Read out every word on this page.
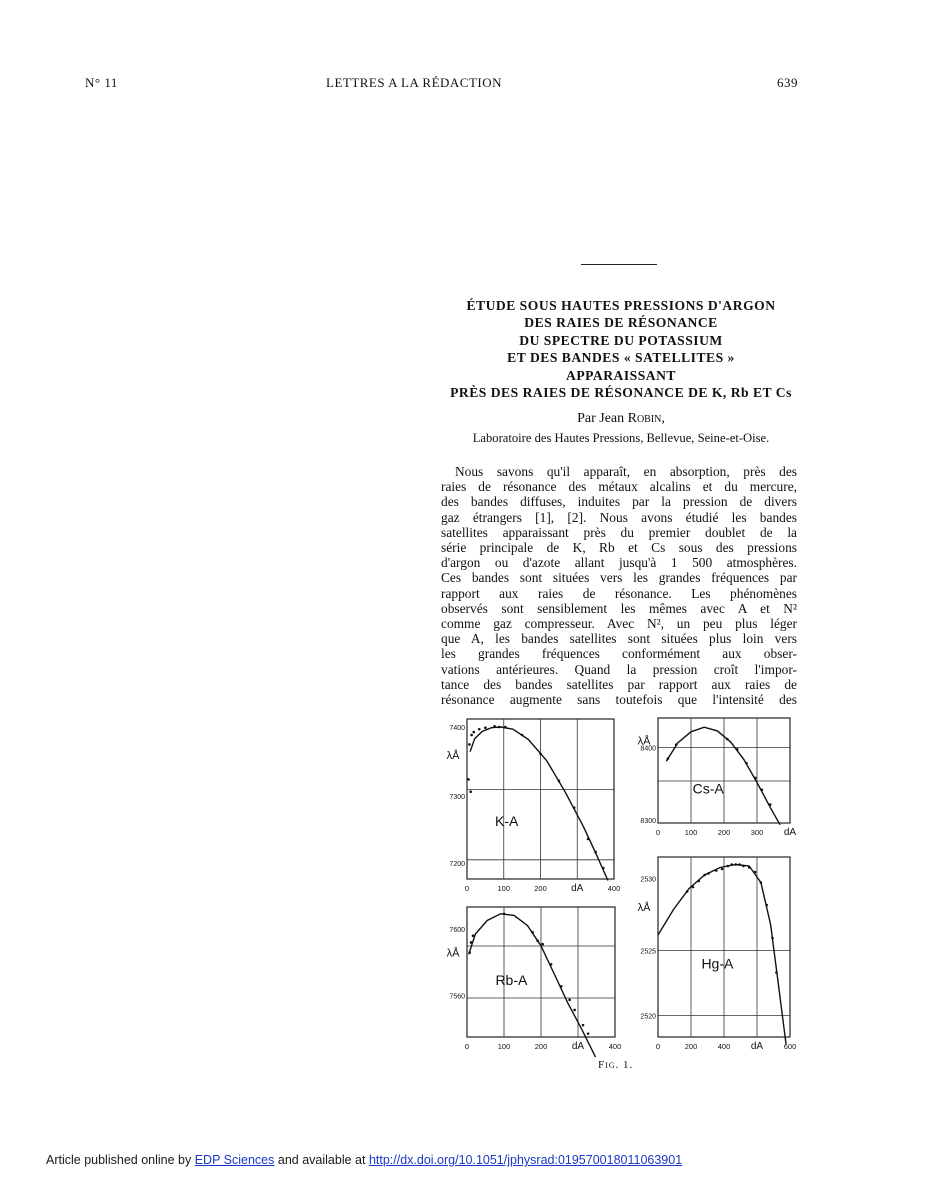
N° 11	LETTRES A LA RÉDACTION	639
ÉTUDE SOUS HAUTES PRESSIONS D'ARGON
DES RAIES DE RÉSONANCE
DU SPECTRE DU POTASSIUM
ET DES BANDES « SATELLITES »
APPARAISSANT
PRÈS DES RAIES DE RÉSONANCE DE K, Rb ET Cs
Par Jean Robin,
Laboratoire des Hautes Pressions, Bellevue, Seine-et-Oise.
Nous savons qu'il apparaît, en absorption, près des
raies de résonance des métaux alcalins et du mercure,
des bandes diffuses, induites par la pression de divers
gaz étrangers [1], [2]. Nous avons étudié les bandes
satellites apparaissant près du premier doublet de la
série principale de K, Rb et Cs sous des pressions
d'argon ou d'azote allant jusqu'à 1 500 atmosphères.
Ces bandes sont situées vers les grandes fréquences par
rapport aux raies de résonance. Les phénomènes
observés sont sensiblement les mêmes avec A et N²
comme gaz compresseur. Avec N², un peu plus léger
que A, les bandes satellites sont situées plus loin vers
les grandes fréquences conformément aux obser-
vations antérieures. Quand la pression croît l'impor-
tance des bandes satellites par rapport aux raies de
résonance augmente sans toutefois que l'intensité des
0	100	200 dA	400
7400
7300
7200
λÅ
K-A
0	100	200	300 dA
8400
8300
λÅ
Cs-A
0	100	200 dA	400
7600
7560
λÅ
Rb-A
0	200	400 dA	600
2530
2525
2520
λÅ
Hg-A
Fig. 1.
Article published online by EDP Sciences and available at http://dx.doi.org/10.1051/jphysrad:019570018011063901
